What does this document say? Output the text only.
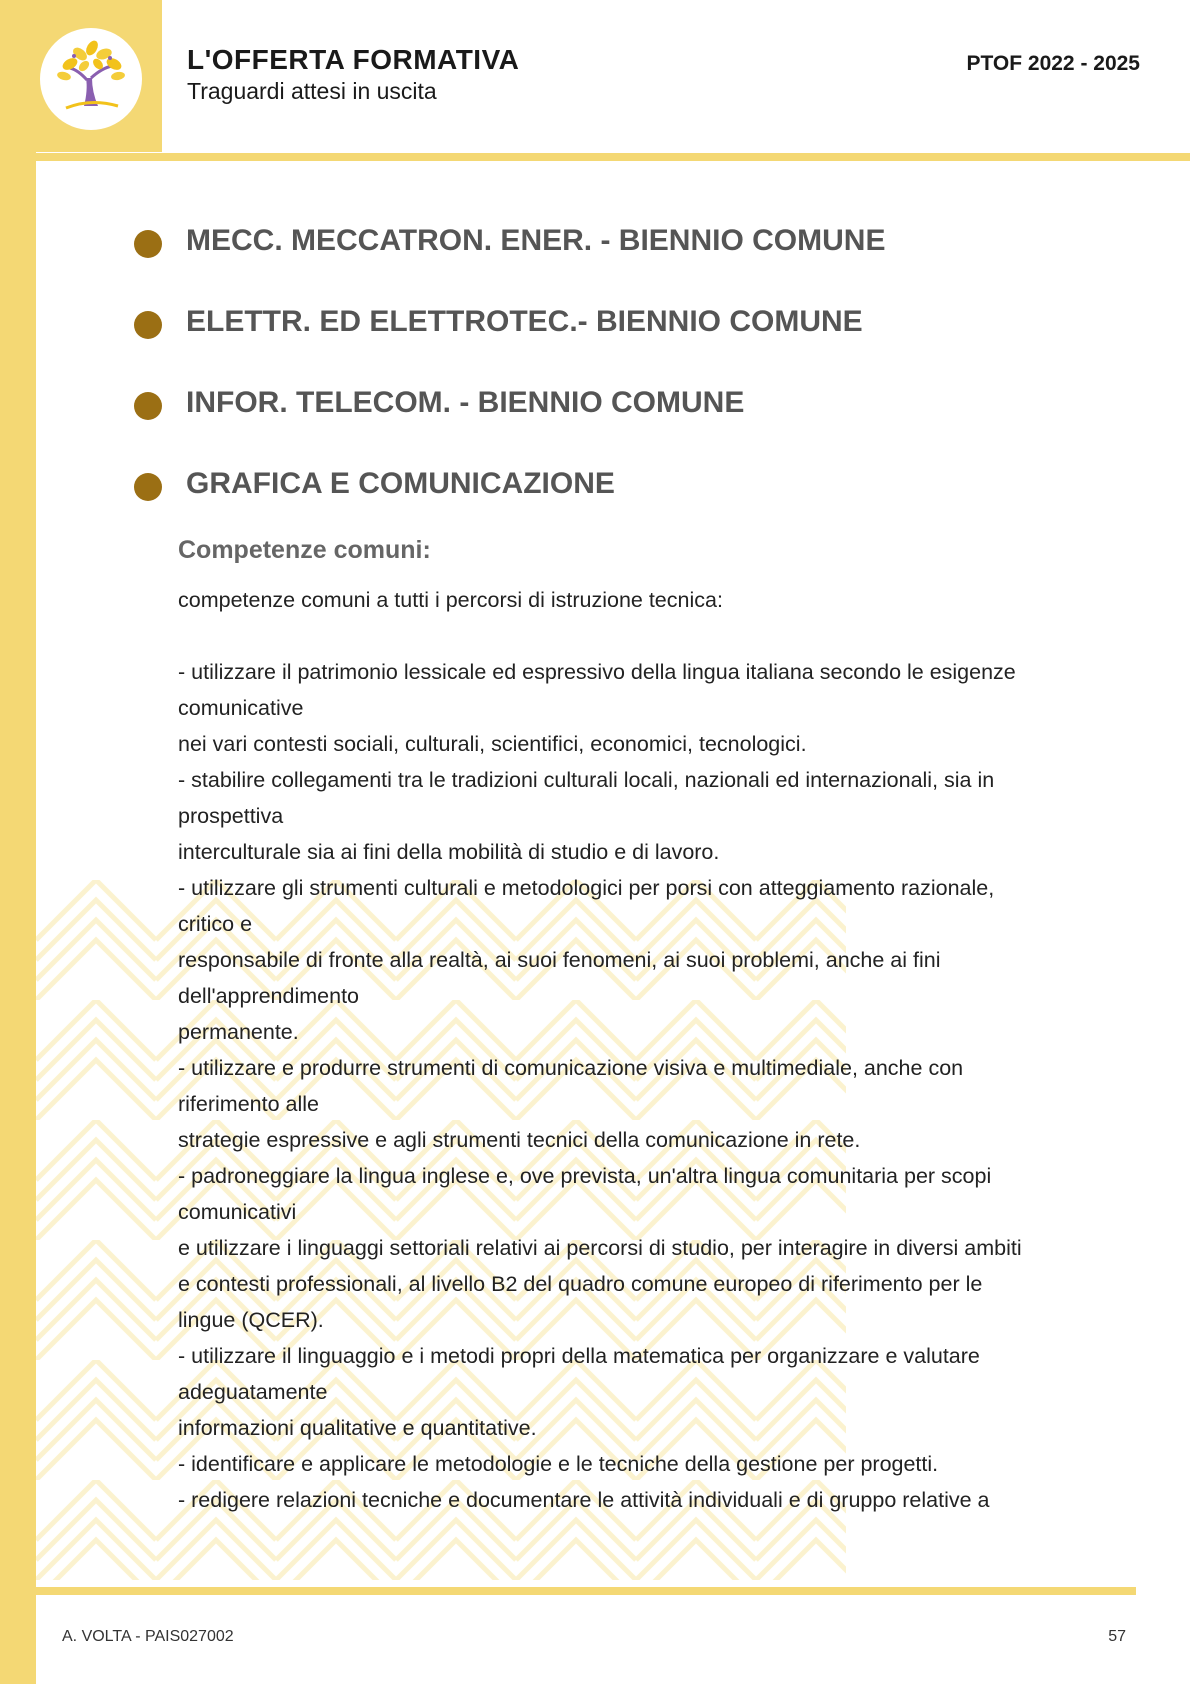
L'OFFERTA FORMATIVA
Traguardi attesi in uscita
PTOF 2022 - 2025
MECC. MECCATRON. ENER. - BIENNIO COMUNE
ELETTR. ED ELETTROTEC.- BIENNIO COMUNE
INFOR. TELECOM. - BIENNIO COMUNE
GRAFICA E COMUNICAZIONE
Competenze comuni:
competenze comuni a tutti i percorsi di istruzione tecnica:
- utilizzare il patrimonio lessicale ed espressivo della lingua italiana secondo le esigenze
comunicative
nei vari contesti sociali, culturali, scientifici, economici, tecnologici.
- stabilire collegamenti tra le tradizioni culturali locali, nazionali ed internazionali, sia in
prospettiva
interculturale sia ai fini della mobilità di studio e di lavoro.
- utilizzare gli strumenti culturali e metodologici per porsi con atteggiamento razionale,
critico e
responsabile di fronte alla realtà, ai suoi fenomeni, ai suoi problemi, anche ai fini
dell'apprendimento
permanente.
- utilizzare e produrre strumenti di comunicazione visiva e multimediale, anche con
riferimento alle
strategie espressive e agli strumenti tecnici della comunicazione in rete.
- padroneggiare la lingua inglese e, ove prevista, un'altra lingua comunitaria per scopi
comunicativi
e utilizzare i linguaggi settoriali relativi ai percorsi di studio, per interagire in diversi ambiti
e contesti professionali, al livello B2 del quadro comune europeo di riferimento per le
lingue (QCER).
- utilizzare il linguaggio e i metodi propri della matematica per organizzare e valutare
adeguatamente
informazioni qualitative e quantitative.
- identificare e applicare le metodologie e le tecniche della gestione per progetti.
- redigere relazioni tecniche e documentare le attività individuali e di gruppo relative a
A. VOLTA - PAIS027002	57
